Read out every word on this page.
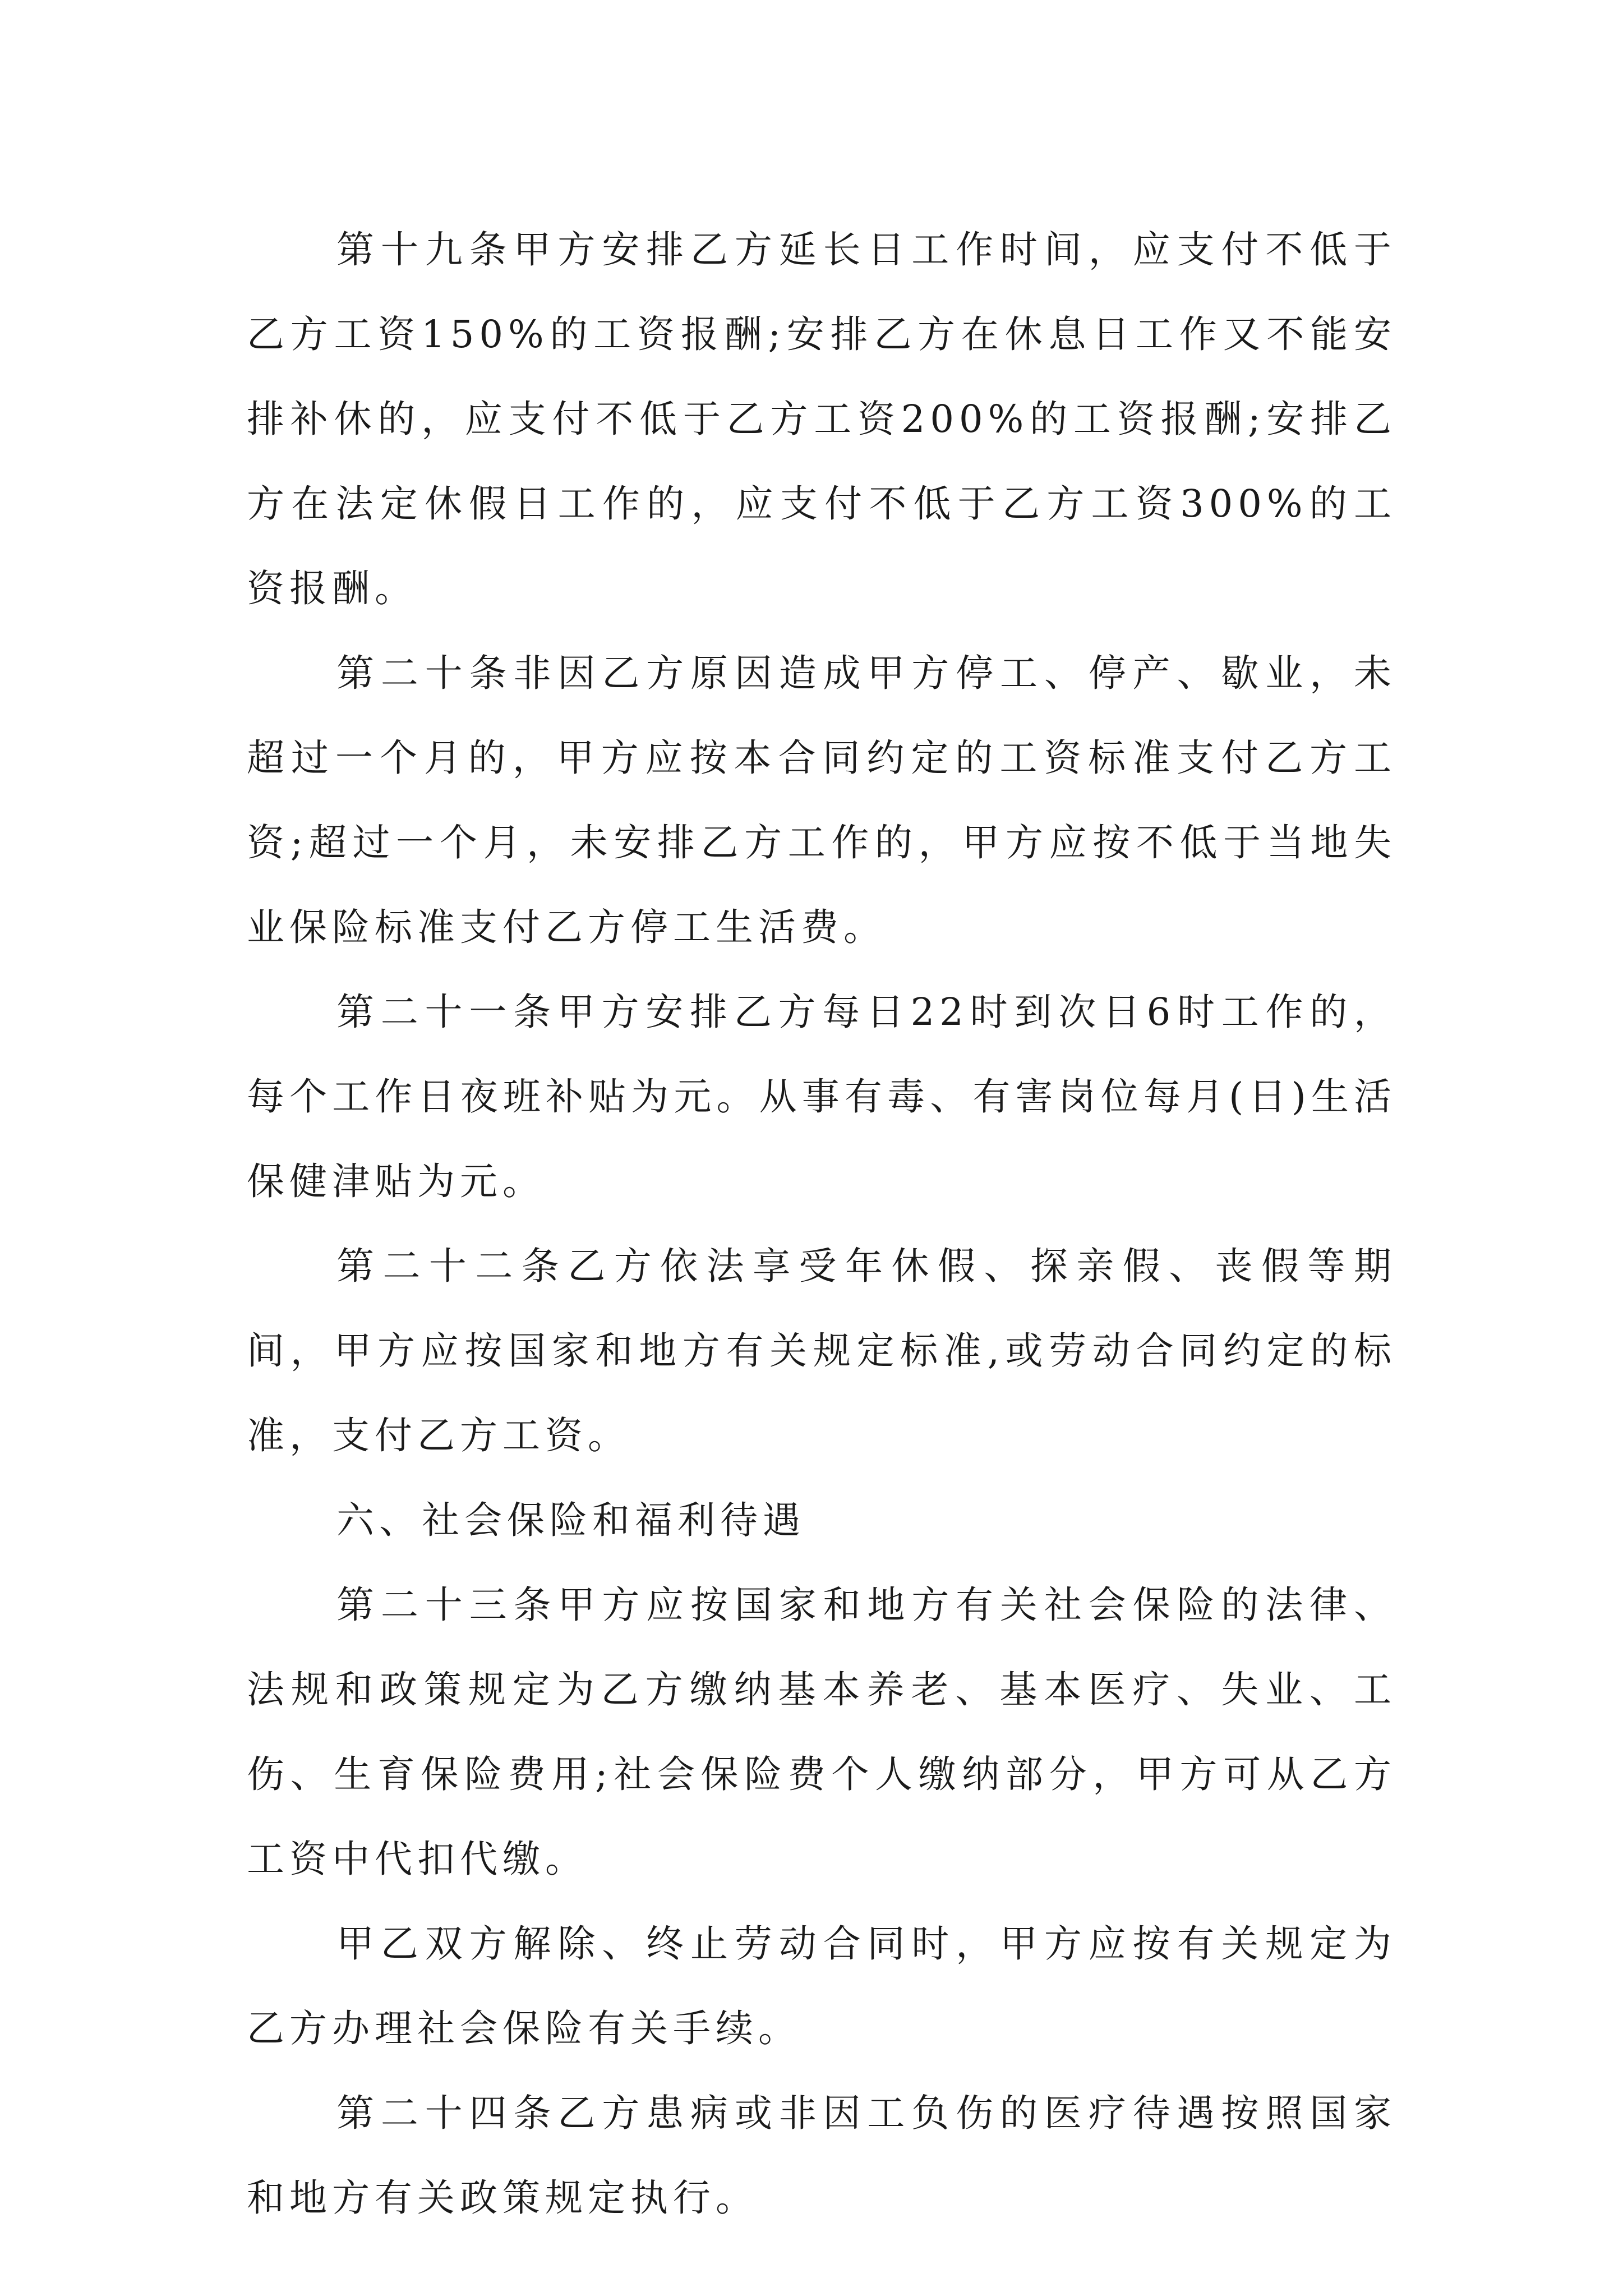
第十九条甲方安排乙方延长日工作时间，应支付不低于乙方工资150%的工资报酬;安排乙方在休息日工作又不能安排补休的，应支付不低于乙方工资200%的工资报酬;安排乙方在法定休假日工作的，应支付不低于乙方工资300%的工资报酬。

第二十条非因乙方原因造成甲方停工、停产、歇业，未超过一个月的，甲方应按本合同约定的工资标准支付乙方工资;超过一个月，未安排乙方工作的，甲方应按不低于当地失业保险标准支付乙方停工生活费。

第二十一条甲方安排乙方每日22时到次日6时工作的，每个工作日夜班补贴为元。从事有毒、有害岗位每月(日)生活保健津贴为元。

第二十二条乙方依法享受年休假、探亲假、丧假等期间，甲方应按国家和地方有关规定标准,或劳动合同约定的标准，支付乙方工资。

六、社会保险和福利待遇

第二十三条甲方应按国家和地方有关社会保险的法律、法规和政策规定为乙方缴纳基本养老、基本医疗、失业、工伤、生育保险费用;社会保险费个人缴纳部分，甲方可从乙方工资中代扣代缴。

甲乙双方解除、终止劳动合同时，甲方应按有关规定为乙方办理社会保险有关手续。

第二十四条乙方患病或非因工负伤的医疗待遇按照国家和地方有关政策规定执行。
